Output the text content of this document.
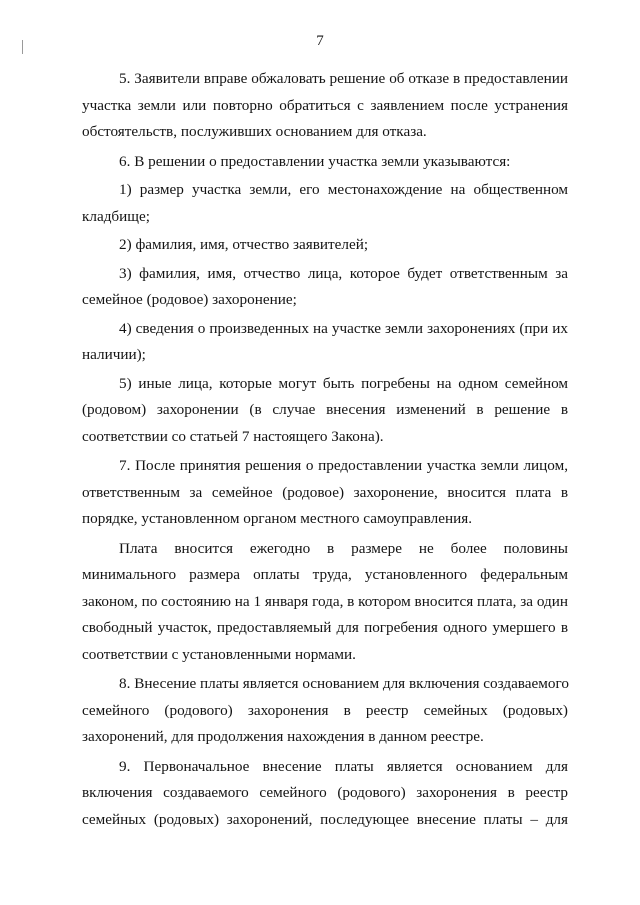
7
5. Заявители вправе обжаловать решение об отказе в предоставлении
участка земли или повторно обратиться с заявлением после устранения
обстоятельств, послуживших основанием для отказа.
6. В решении о предоставлении участка земли указываются:
1) размер участка земли, его местонахождение на общественном
кладбище;
2) фамилия, имя, отчество заявителей;
3) фамилия, имя, отчество лица, которое будет ответственным за
семейное (родовое) захоронение;
4) сведения о произведенных на участке земли захоронениях (при их
наличии);
5) иные лица, которые могут быть погребены на одном семейном
(родовом) захоронении (в случае внесения изменений в решение в
соответствии со статьей 7 настоящего Закона).
7. После принятия решения о предоставлении участка земли лицом,
ответственным за семейное (родовое) захоронение, вносится плата в
порядке, установленном органом местного самоуправления.
Плата вносится ежегодно в размере не более половины
минимального размера оплаты труда, установленного федеральным
законом, по состоянию на 1 января года, в котором вносится плата, за один
свободный участок, предоставляемый для погребения одного умершего в
соответствии с установленными нормами.
8. Внесение платы является основанием для включения создаваемого
семейного (родового) захоронения в реестр семейных (родовых)
захоронений, для продолжения нахождения в данном реестре.
9. Первоначальное внесение платы является основанием для
включения создаваемого семейного (родового) захоронения в реестр
семейных (родовых) захоронений, последующее внесение платы – для
